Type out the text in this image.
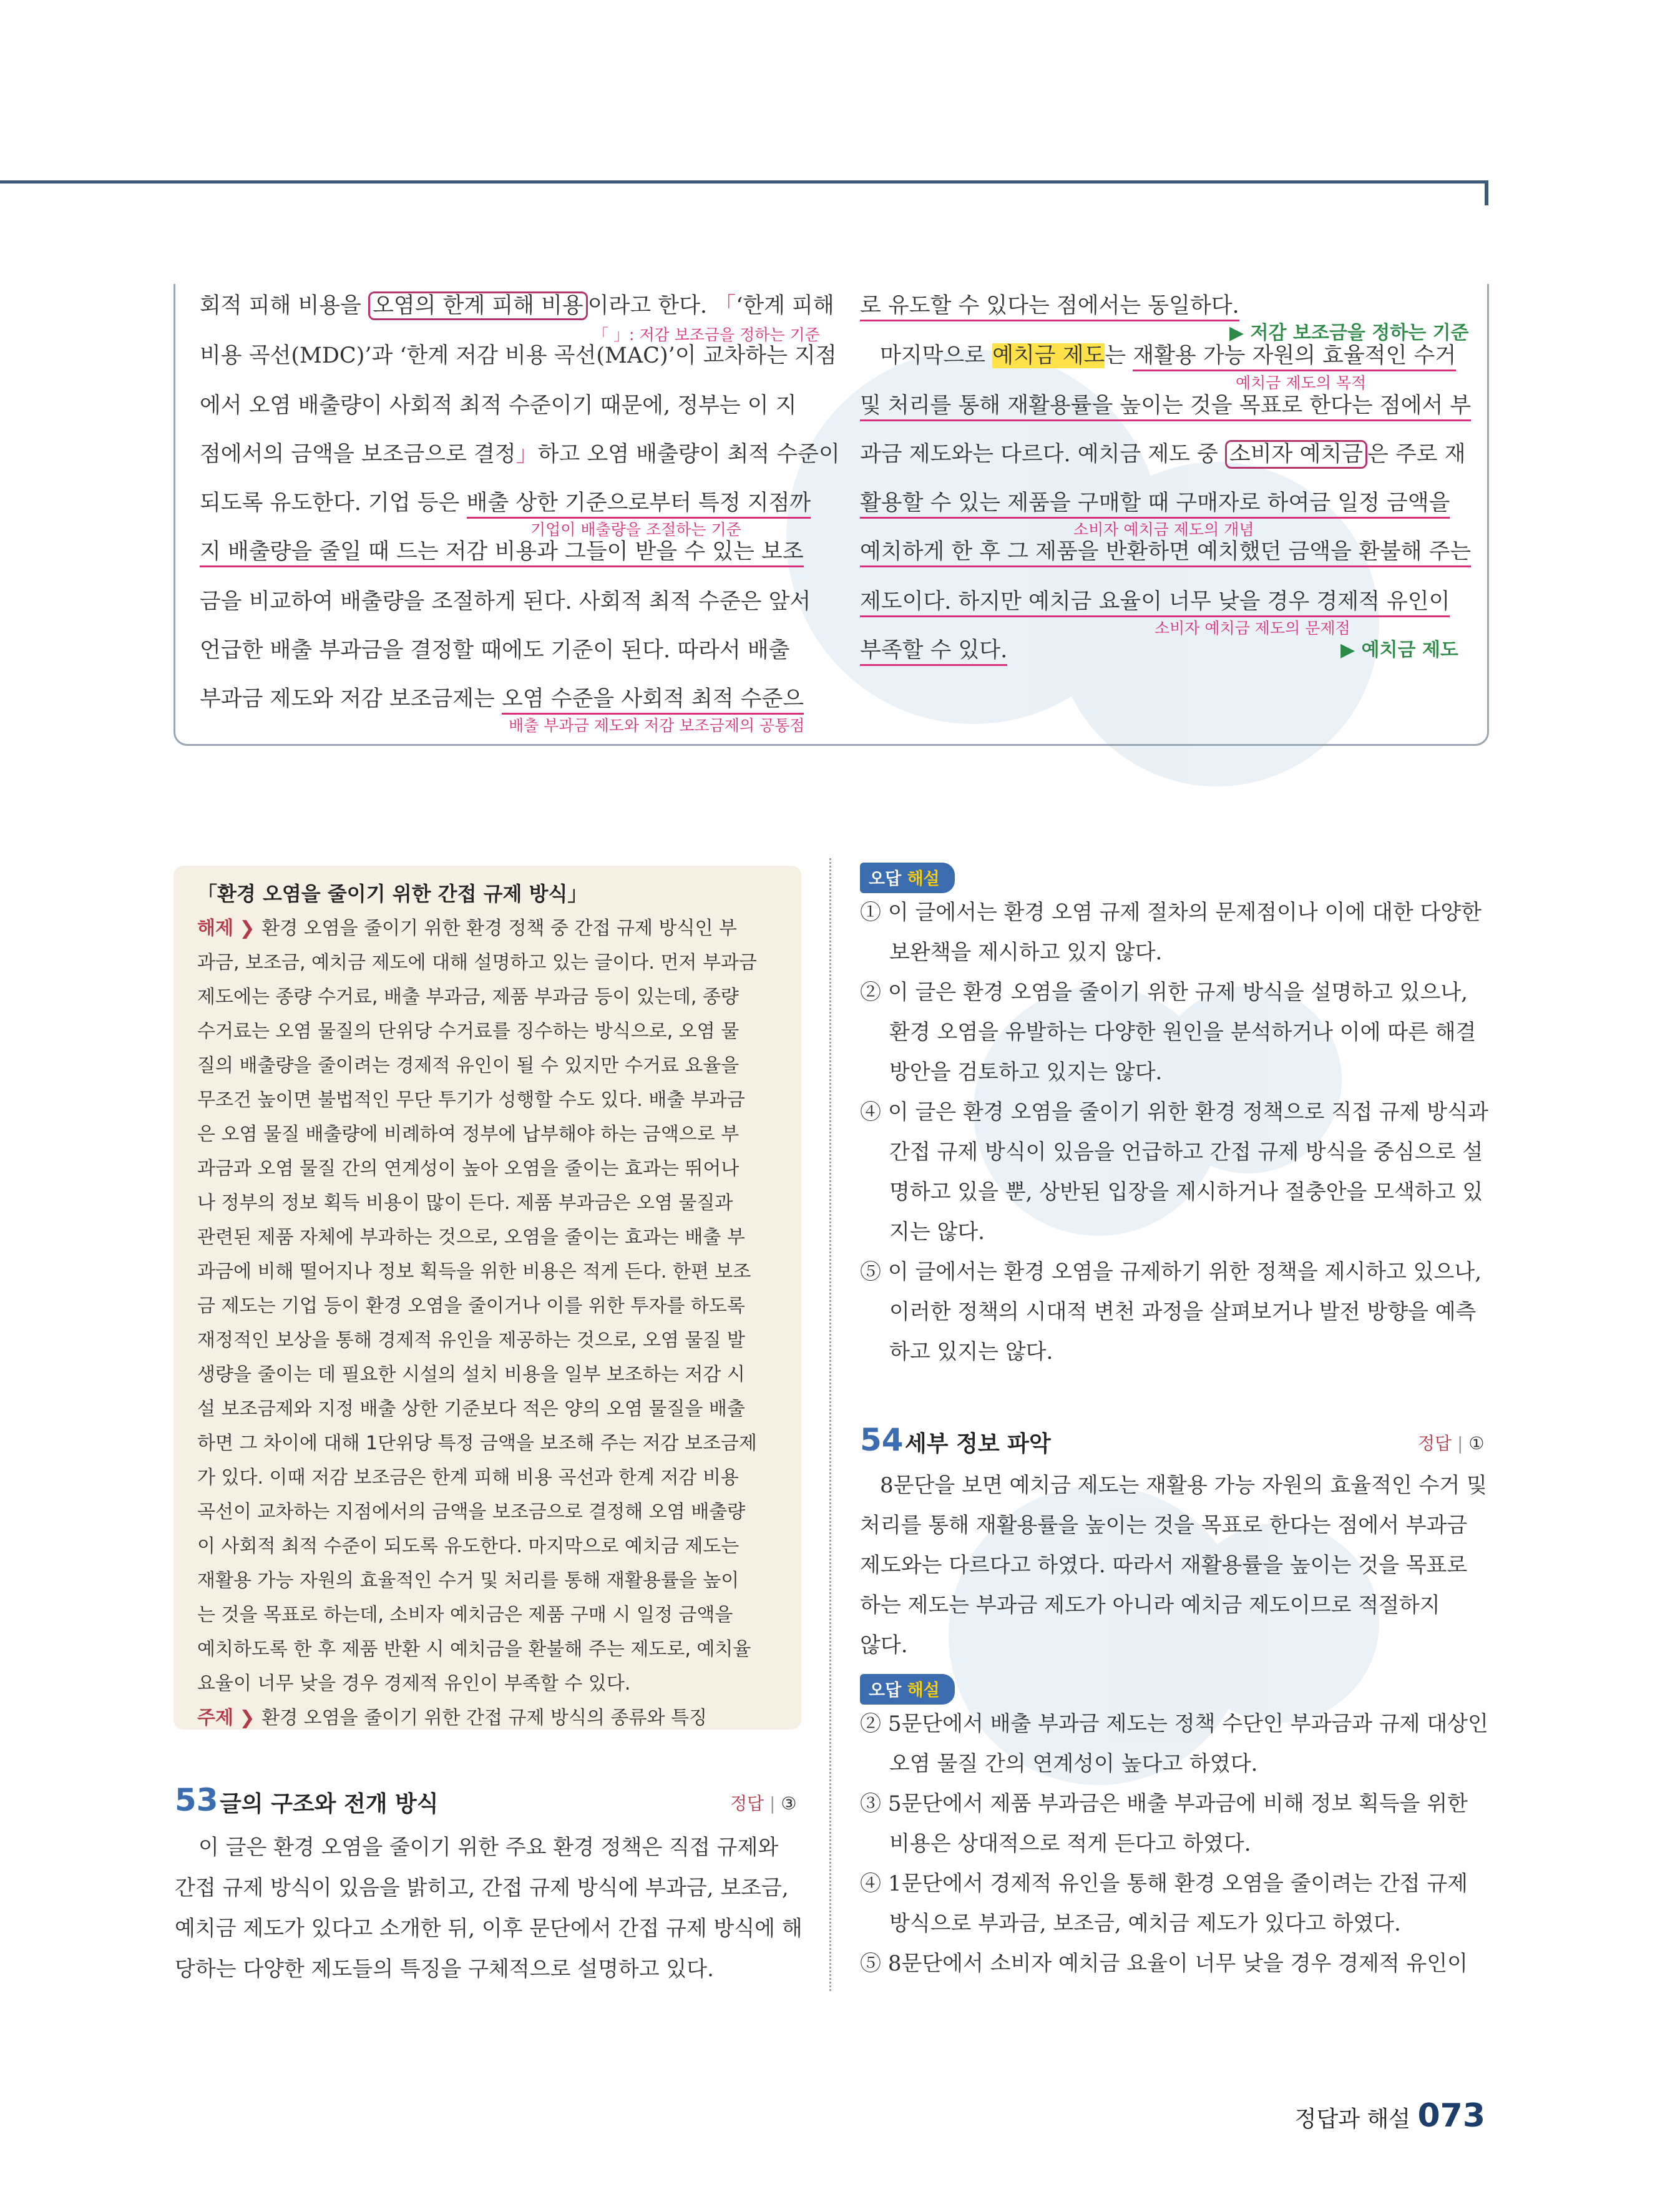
회적 피해 비용을 오염의 한계 피해 비용 이라고 한다. 「‘한계 피해
「 」: 저감 보조금을 정하는 기준
비용 곡선(MDC)’과 ‘한계 저감 비용 곡선(MAC)’이 교차하는 지점
에서 오염 배출량이 사회적 최적 수준이기 때문에, 정부는 이 지
점에서의 금액을 보조금으로 결정」하고 오염 배출량이 최적 수준이
되도록 유도한다. 기업 등은 배출 상한 기준으로부터 특정 지점까
기업이 배출량을 조절하는 기준
지 배출량을 줄일 때 드는 저감 비용과 그들이 받을 수 있는 보조
금을 비교하여 배출량을 조절하게 된다. 사회적 최적 수준은 앞서
언급한 배출 부과금을 결정할 때에도 기준이 된다. 따라서 배출
부과금 제도와 저감 보조금제는 오염 수준을 사회적 최적 수준으
배출 부과금 제도와 저감 보조금제의 공통점
로 유도할 수 있다는 점에서는 동일하다.
▶ 저감 보조금을 정하는 기준
마지막으로 예치금 제도는 재활용 가능 자원의 효율적인 수거
예치금 제도의 목적
및 처리를 통해 재활용률을 높이는 것을 목표로 한다는 점에서 부
과금 제도와는 다르다. 예치금 제도 중 소비자 예치금 은 주로 재
활용할 수 있는 제품을 구매할 때 구매자로 하여금 일정 금액을
소비자 예치금 제도의 개념
예치하게 한 후 그 제품을 반환하면 예치했던 금액을 환불해 주는
제도이다. 하지만 예치금 요율이 너무 낮을 경우 경제적 유인이
소비자 예치금 제도의 문제점
부족할 수 있다.	▶ 예치금 제도
「환경 오염을 줄이기 위한 간접 규제 방식」
해제 ❯ 환경 오염을 줄이기 위한 환경 정책 중 간접 규제 방식인 부
과금, 보조금, 예치금 제도에 대해 설명하고 있는 글이다. 먼저 부과금
제도에는 종량 수거료, 배출 부과금, 제품 부과금 등이 있는데, 종량
수거료는 오염 물질의 단위당 수거료를 징수하는 방식으로, 오염 물
질의 배출량을 줄이려는 경제적 유인이 될 수 있지만 수거료 요율을
무조건 높이면 불법적인 무단 투기가 성행할 수도 있다. 배출 부과금
은 오염 물질 배출량에 비례하여 정부에 납부해야 하는 금액으로 부
과금과 오염 물질 간의 연계성이 높아 오염을 줄이는 효과는 뛰어나
나 정부의 정보 획득 비용이 많이 든다. 제품 부과금은 오염 물질과
관련된 제품 자체에 부과하는 것으로, 오염을 줄이는 효과는 배출 부
과금에 비해 떨어지나 정보 획득을 위한 비용은 적게 든다. 한편 보조
금 제도는 기업 등이 환경 오염을 줄이거나 이를 위한 투자를 하도록
재정적인 보상을 통해 경제적 유인을 제공하는 것으로, 오염 물질 발
생량을 줄이는 데 필요한 시설의 설치 비용을 일부 보조하는 저감 시
설 보조금제와 지정 배출 상한 기준보다 적은 양의 오염 물질을 배출
하면 그 차이에 대해 1단위당 특정 금액을 보조해 주는 저감 보조금제
가 있다. 이때 저감 보조금은 한계 피해 비용 곡선과 한계 저감 비용
곡선이 교차하는 지점에서의 금액을 보조금으로 결정해 오염 배출량
이 사회적 최적 수준이 되도록 유도한다. 마지막으로 예치금 제도는
재활용 가능 자원의 효율적인 수거 및 처리를 통해 재활용률을 높이
는 것을 목표로 하는데, 소비자 예치금은 제품 구매 시 일정 금액을
예치하도록 한 후 제품 반환 시 예치금을 환불해 주는 제도로, 예치율
요율이 너무 낮을 경우 경제적 유인이 부족할 수 있다.
주제 ❯ 환경 오염을 줄이기 위한 간접 규제 방식의 종류와 특징
53 글의 구조와 전개 방식	정답 | ③
이 글은 환경 오염을 줄이기 위한 주요 환경 정책은 직접 규제와
간접 규제 방식이 있음을 밝히고, 간접 규제 방식에 부과금, 보조금,
예치금 제도가 있다고 소개한 뒤, 이후 문단에서 간접 규제 방식에 해
당하는 다양한 제도들의 특징을 구체적으로 설명하고 있다.
오답 해설
① 이 글에서는 환경 오염 규제 절차의 문제점이나 이에 대한 다양한
보완책을 제시하고 있지 않다.
② 이 글은 환경 오염을 줄이기 위한 규제 방식을 설명하고 있으나,
환경 오염을 유발하는 다양한 원인을 분석하거나 이에 따른 해결
방안을 검토하고 있지는 않다.
④ 이 글은 환경 오염을 줄이기 위한 환경 정책으로 직접 규제 방식과
간접 규제 방식이 있음을 언급하고 간접 규제 방식을 중심으로 설
명하고 있을 뿐, 상반된 입장을 제시하거나 절충안을 모색하고 있
지는 않다.
⑤ 이 글에서는 환경 오염을 규제하기 위한 정책을 제시하고 있으나,
이러한 정책의 시대적 변천 과정을 살펴보거나 발전 방향을 예측
하고 있지는 않다.
54 세부 정보 파악	정답 | ①
8문단을 보면 예치금 제도는 재활용 가능 자원의 효율적인 수거 및
처리를 통해 재활용률을 높이는 것을 목표로 한다는 점에서 부과금
제도와는 다르다고 하였다. 따라서 재활용률을 높이는 것을 목표로
하는 제도는 부과금 제도가 아니라 예치금 제도이므로 적절하지
않다.
오답 해설
② 5문단에서 배출 부과금 제도는 정책 수단인 부과금과 규제 대상인
오염 물질 간의 연계성이 높다고 하였다.
③ 5문단에서 제품 부과금은 배출 부과금에 비해 정보 획득을 위한
비용은 상대적으로 적게 든다고 하였다.
④ 1문단에서 경제적 유인을 통해 환경 오염을 줄이려는 간접 규제
방식으로 부과금, 보조금, 예치금 제도가 있다고 하였다.
⑤ 8문단에서 소비자 예치금 요율이 너무 낮을 경우 경제적 유인이
정답과 해설 073
